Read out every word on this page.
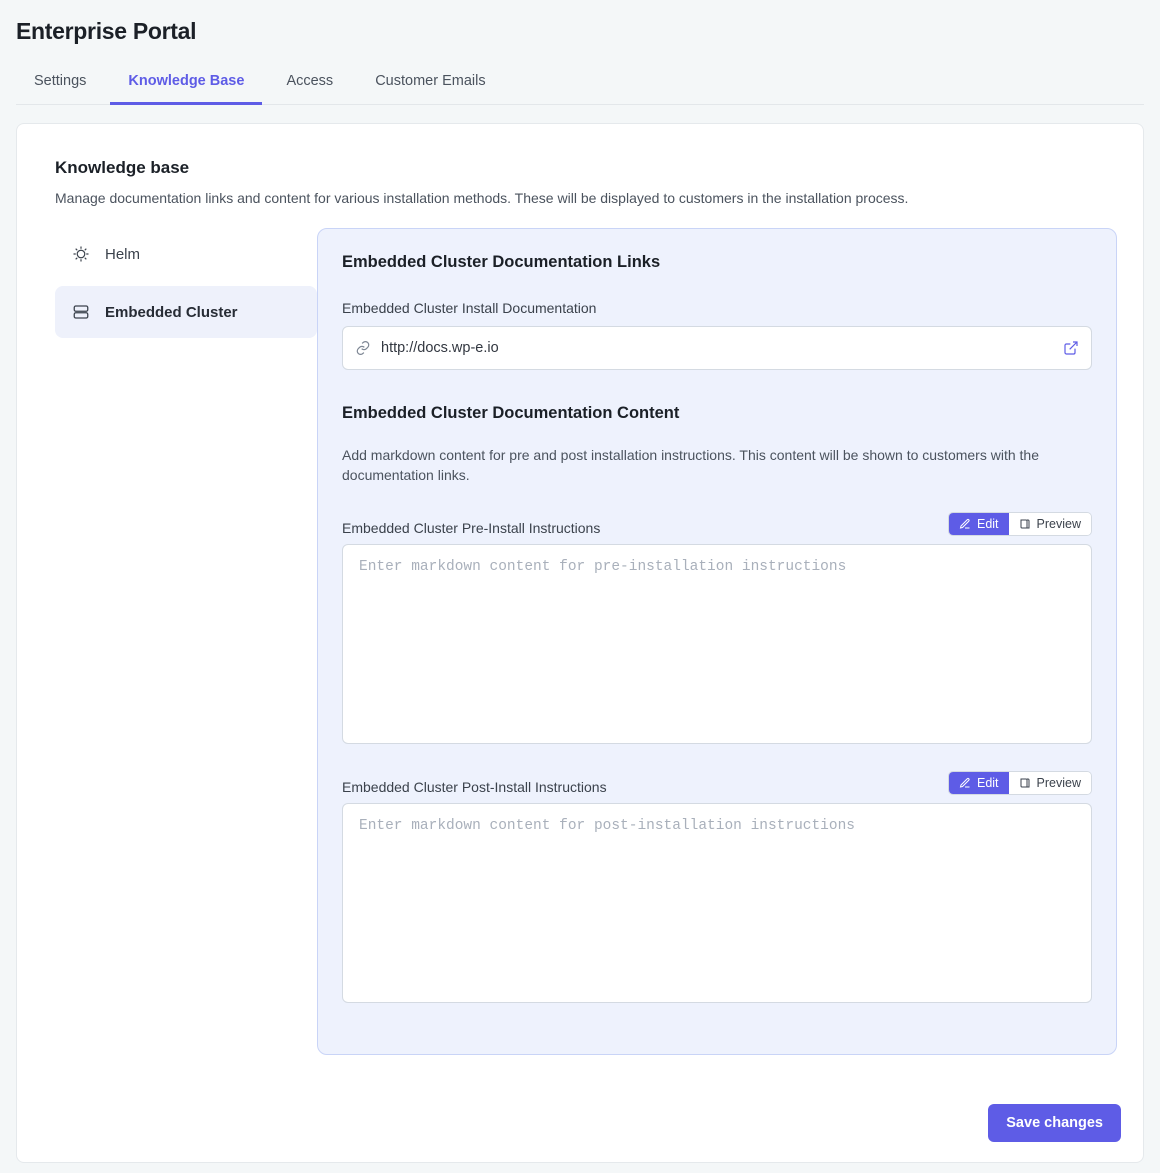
Enterprise Portal
Settings	Knowledge Base	Access	Customer Emails
Knowledge base
Manage documentation links and content for various installation methods. These will be displayed to customers in the installation process.
Helm
Embedded Cluster
Embedded Cluster Documentation Links
Embedded Cluster Install Documentation
http://docs.wp-e.io
Embedded Cluster Documentation Content
Add markdown content for pre and post installation instructions. This content will be shown to customers with the documentation links.
Embedded Cluster Pre-Install Instructions	Edit	Preview
Enter markdown content for pre-installation instructions
Embedded Cluster Post-Install Instructions	Edit	Preview
Enter markdown content for post-installation instructions
Save changes
